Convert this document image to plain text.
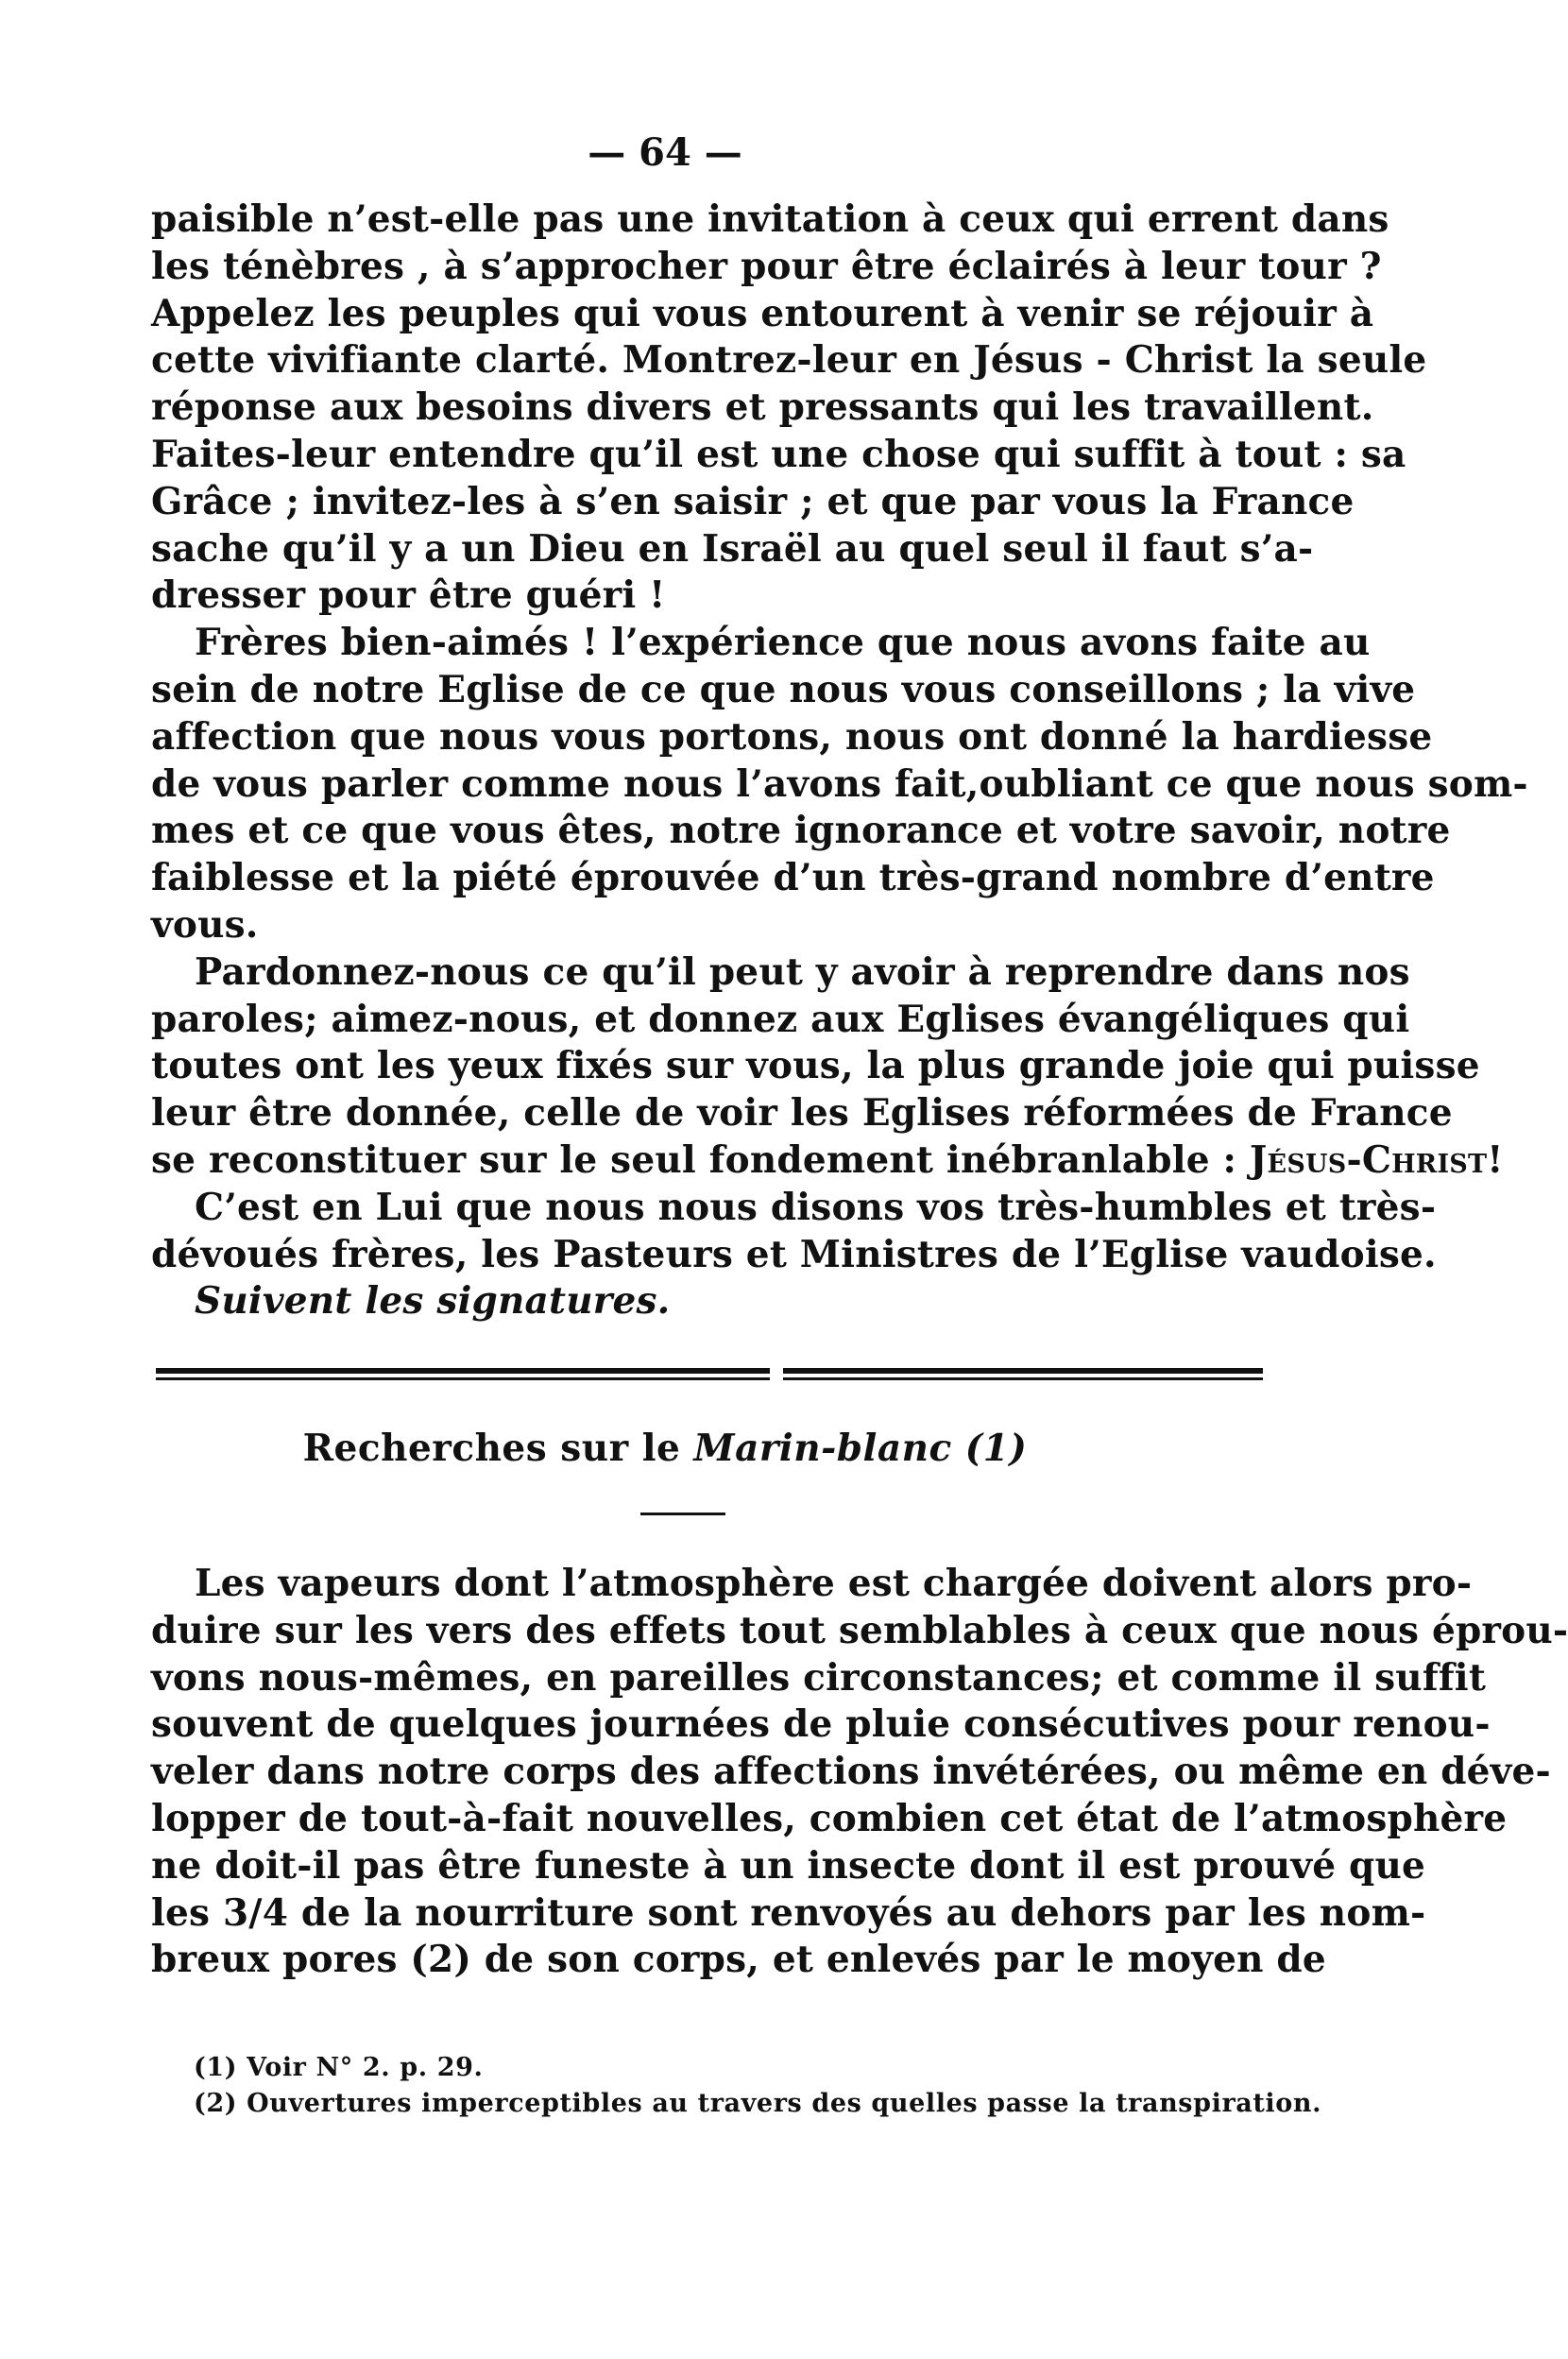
— 64 —
paisible n’est-elle pas une invitation à ceux qui errent dans
les ténèbres , à s’approcher pour être éclairés à leur tour ?
Appelez les peuples qui vous entourent à venir se réjouir à
cette vivifiante clarté. Montrez-leur en Jésus - Christ la seule
réponse aux besoins divers et pressants qui les travaillent.
Faites-leur entendre qu’il est une chose qui suffit à tout : sa
Grâce ; invitez-les à s’en saisir ; et que par vous la France
sache qu’il y a un Dieu en Israël au quel seul il faut s’a-
dresser pour être guéri !
Frères bien-aimés ! l’expérience que nous avons faite au
sein de notre Eglise de ce que nous vous conseillons ; la vive
affection que nous vous portons, nous ont donné la hardiesse
de vous parler comme nous l’avons fait,oubliant ce que nous som-
mes et ce que vous êtes, notre ignorance et votre savoir, notre
faiblesse et la piété éprouvée d’un très-grand nombre d’entre
vous.
Pardonnez-nous ce qu’il peut y avoir à reprendre dans nos
paroles; aimez-nous, et donnez aux Eglises évangéliques qui
toutes ont les yeux fixés sur vous, la plus grande joie qui puisse
leur être donnée, celle de voir les Eglises réformées de France
se reconstituer sur le seul fondement inébranlable : Jésus-Christ!
C’est en Lui que nous nous disons vos très-humbles et très-
dévoués frères, les Pasteurs et Ministres de l’Eglise vaudoise.
Suivent les signatures.
Recherches sur le Marin-blanc (1)
Les vapeurs dont l’atmosphère est chargée doivent alors pro-
duire sur les vers des effets tout semblables à ceux que nous éprou-
vons nous-mêmes, en pareilles circonstances; et comme il suffit
souvent de quelques journées de pluie consécutives pour renou-
veler dans notre corps des affections invétérées, ou même en déve-
lopper de tout-à-fait nouvelles, combien cet état de l’atmosphère
ne doit-il pas être funeste à un insecte dont il est prouvé que
les 3/4 de la nourriture sont renvoyés au dehors par les nom-
breux pores (2) de son corps, et enlevés par le moyen de
(1) Voir N° 2. p. 29.
(2) Ouvertures imperceptibles au travers des quelles passe la transpiration.
